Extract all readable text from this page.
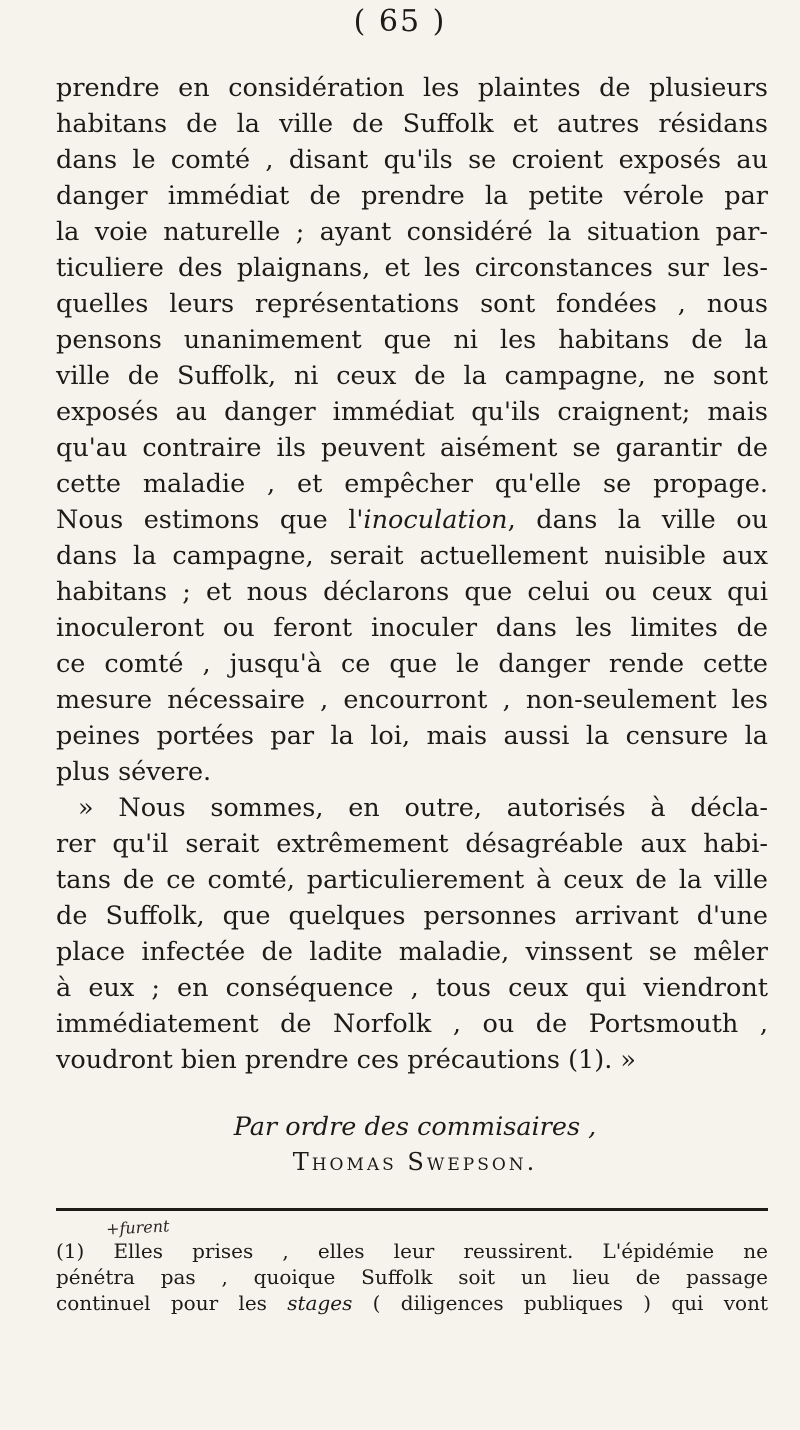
( 65 )
prendre en considération les plaintes de plusieurs
habitans de la ville de Suffolk et autres résidans
dans le comté , disant qu'ils se croient exposés au
danger immédiat de prendre la petite vérole par
la voie naturelle ; ayant considéré la situation par-
ticuliere des plaignans, et les circonstances sur les-
quelles leurs représentations sont fondées , nous
pensons unanimement que ni les habitans de la
ville de Suffolk, ni ceux de la campagne, ne sont
exposés au danger immédiat qu'ils craignent; mais
qu'au contraire ils peuvent aisément se garantir de
cette maladie , et empêcher qu'elle se propage.
Nous estimons que l'inoculation, dans la ville ou
dans la campagne, serait actuellement nuisible aux
habitans ; et nous déclarons que celui ou ceux qui
inoculeront ou feront inoculer dans les limites de
ce comté , jusqu'à ce que le danger rende cette
mesure nécessaire , encourront , non-seulement les
peines portées par la loi, mais aussi la censure la
plus sévere.
» Nous sommes, en outre, autorisés à décla-
rer qu'il serait extrêmement désagréable aux habi-
tans de ce comté, particulierement à ceux de la ville
de Suffolk, que quelques personnes arrivant d'une
place infectée de ladite maladie, vinssent se mêler
à eux ; en conséquence , tous ceux qui viendront
immédiatement de Norfolk , ou de Portsmouth ,
voudront bien prendre ces précautions (1). »
Par ordre des commisaires ,
Thomas Swepson.
+furent
(1) Elles prises , elles leur reussirent. L'épidémie ne
pénétra pas , quoique Suffolk soit un lieu de passage
continuel pour les stages ( diligences publiques ) qui vont
